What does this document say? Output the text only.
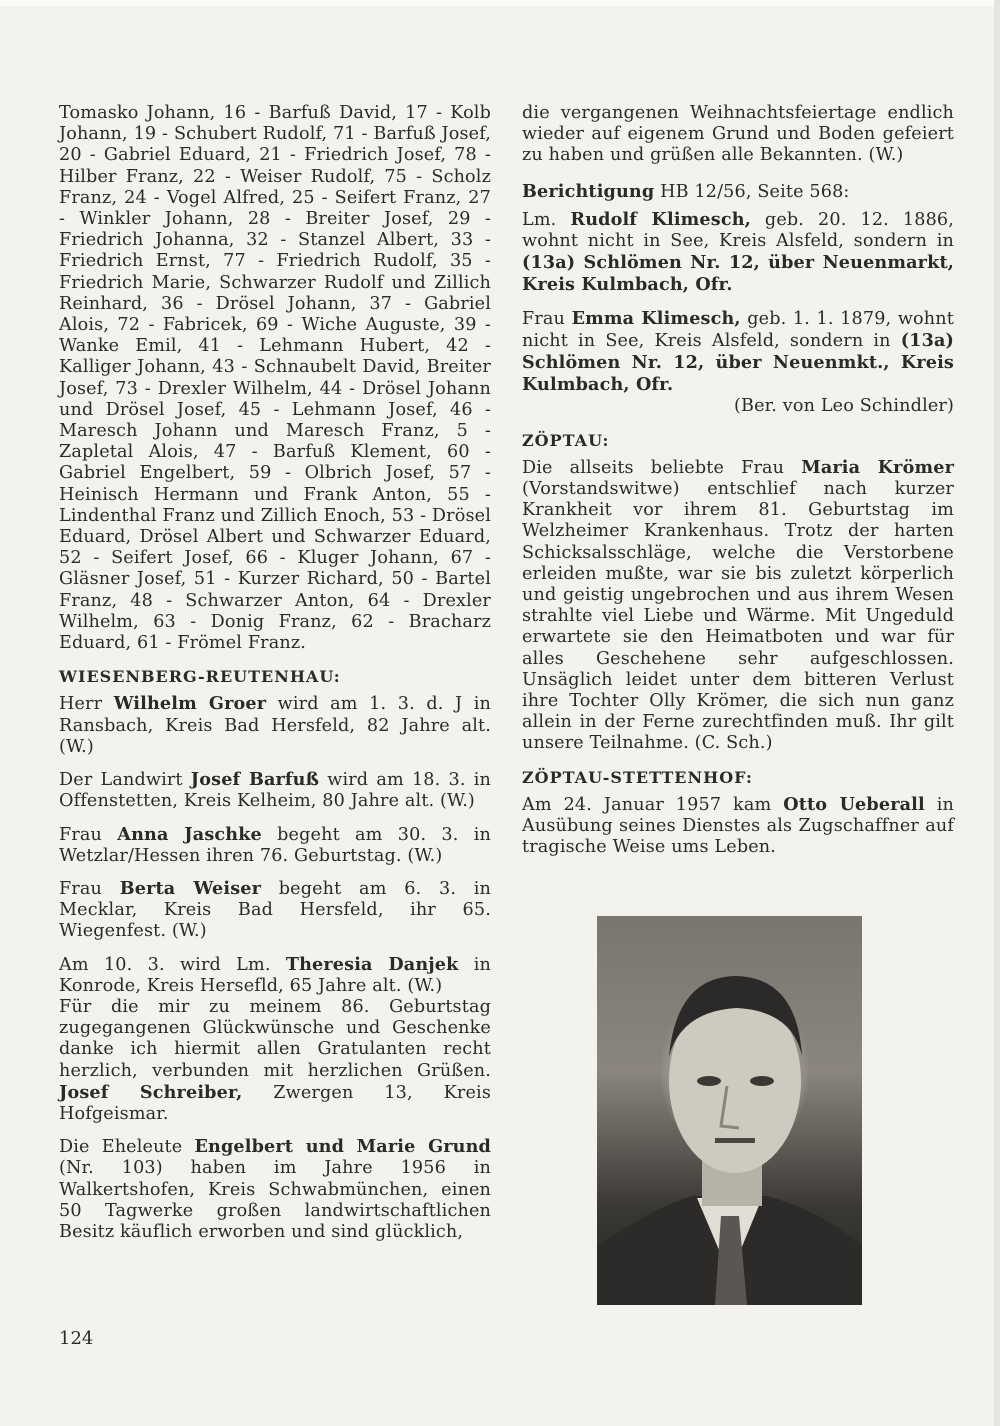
Tomasko Johann, 16 - Barfuß David, 17 - Kolb Johann, 19 - Schubert Rudolf, 71 - Barfuß Josef, 20 - Gabriel Eduard, 21 - Friedrich Josef, 78 - Hilber Franz, 22 - Weiser Rudolf, 75 - Scholz Franz, 24 - Vogel Alfred, 25 - Seifert Franz, 27 - Winkler Johann, 28 - Breiter Josef, 29 - Friedrich Johanna, 32 - Stanzel Albert, 33 - Friedrich Ernst, 77 - Friedrich Rudolf, 35 - Friedrich Marie, Schwarzer Rudolf und Zillich Reinhard, 36 - Drösel Johann, 37 - Gabriel Alois, 72 - Fabricek, 69 - Wiche Auguste, 39 - Wanke Emil, 41 - Lehmann Hubert, 42 - Kalliger Johann, 43 - Schnaubelt David, Breiter Josef, 73 - Drexler Wilhelm, 44 - Drösel Johann und Drösel Josef, 45 - Lehmann Josef, 46 - Maresch Johann und Maresch Franz, 5 - Zapletal Alois, 47 - Barfuß Klement, 60 - Gabriel Engelbert, 59 - Olbrich Josef, 57 - Heinisch Hermann und Frank Anton, 55 - Lindenthal Franz und Zillich Enoch, 53 - Drösel Eduard, Drösel Albert und Schwarzer Eduard, 52 - Seifert Josef, 66 - Kluger Johann, 67 - Gläsner Josef, 51 - Kurzer Richard, 50 - Bartel Franz, 48 - Schwarzer Anton, 64 - Drexler Wilhelm, 63 - Donig Franz, 62 - Bracharz Eduard, 61 - Frömel Franz.

WIESENBERG-REUTENHAU:

Herr Wilhelm Groer wird am 1. 3. d. J in Ransbach, Kreis Bad Hersfeld, 82 Jahre alt. (W.)

Der Landwirt Josef Barfuß wird am 18. 3. in Offenstetten, Kreis Kelheim, 80 Jahre alt. (W.)

Frau Anna Jaschke begeht am 30. 3. in Wetzlar/Hessen ihren 76. Geburtstag. (W.)

Frau Berta Weiser begeht am 6. 3. in Mecklar, Kreis Bad Hersfeld, ihr 65. Wiegenfest. (W.)

Am 10. 3. wird Lm. Theresia Danjek in Konrode, Kreis Hersefld, 65 Jahre alt. (W.)

Für die mir zu meinem 86. Geburtstag zugegangenen Glückwünsche und Geschenke danke ich hiermit allen Gratulanten recht herzlich, verbunden mit herzlichen Grüßen. Josef Schreiber, Zwergen 13, Kreis Hofgeismar.

Die Eheleute Engelbert und Marie Grund (Nr. 103) haben im Jahre 1956 in Walkertshofen, Kreis Schwabmünchen, einen 50 Tagwerke großen landwirtschaftlichen Besitz käuflich erworben und sind glücklich,

die vergangenen Weihnachtsfeiertage endlich wieder auf eigenem Grund und Boden gefeiert zu haben und grüßen alle Bekannten. (W.)

Berichtigung HB 12/56, Seite 568:

Lm. Rudolf Klimesch, geb. 20. 12. 1886, wohnt nicht in See, Kreis Alsfeld, sondern in (13a) Schlömen Nr. 12, über Neuenmarkt, Kreis Kulmbach, Ofr.

Frau Emma Klimesch, geb. 1. 1. 1879, wohnt nicht in See, Kreis Alsfeld, sondern in (13a) Schlömen Nr. 12, über Neuenmkt., Kreis Kulmbach, Ofr.
(Ber. von Leo Schindler)

ZÖPTAU:

Die allseits beliebte Frau Maria Krömer (Vorstandswitwe) entschlief nach kurzer Krankheit vor ihrem 81. Geburtstag im Welzheimer Krankenhaus. Trotz der harten Schicksalsschläge, welche die Verstorbene erleiden mußte, war sie bis zuletzt körperlich und geistig ungebrochen und aus ihrem Wesen strahlte viel Liebe und Wärme. Mit Ungeduld erwartete sie den Heimatboten und war für alles Geschehene sehr aufgeschlossen. Unsäglich leidet unter dem bitteren Verlust ihre Tochter Olly Krömer, die sich nun ganz allein in der Ferne zurechtfinden muß. Ihr gilt unsere Teilnahme. (C. Sch.)

ZÖPTAU-STETTENHOF:

Am 24. Januar 1957 kam Otto Ueberall in Ausübung seines Dienstes als Zugschaffner auf tragische Weise ums Leben.

124
